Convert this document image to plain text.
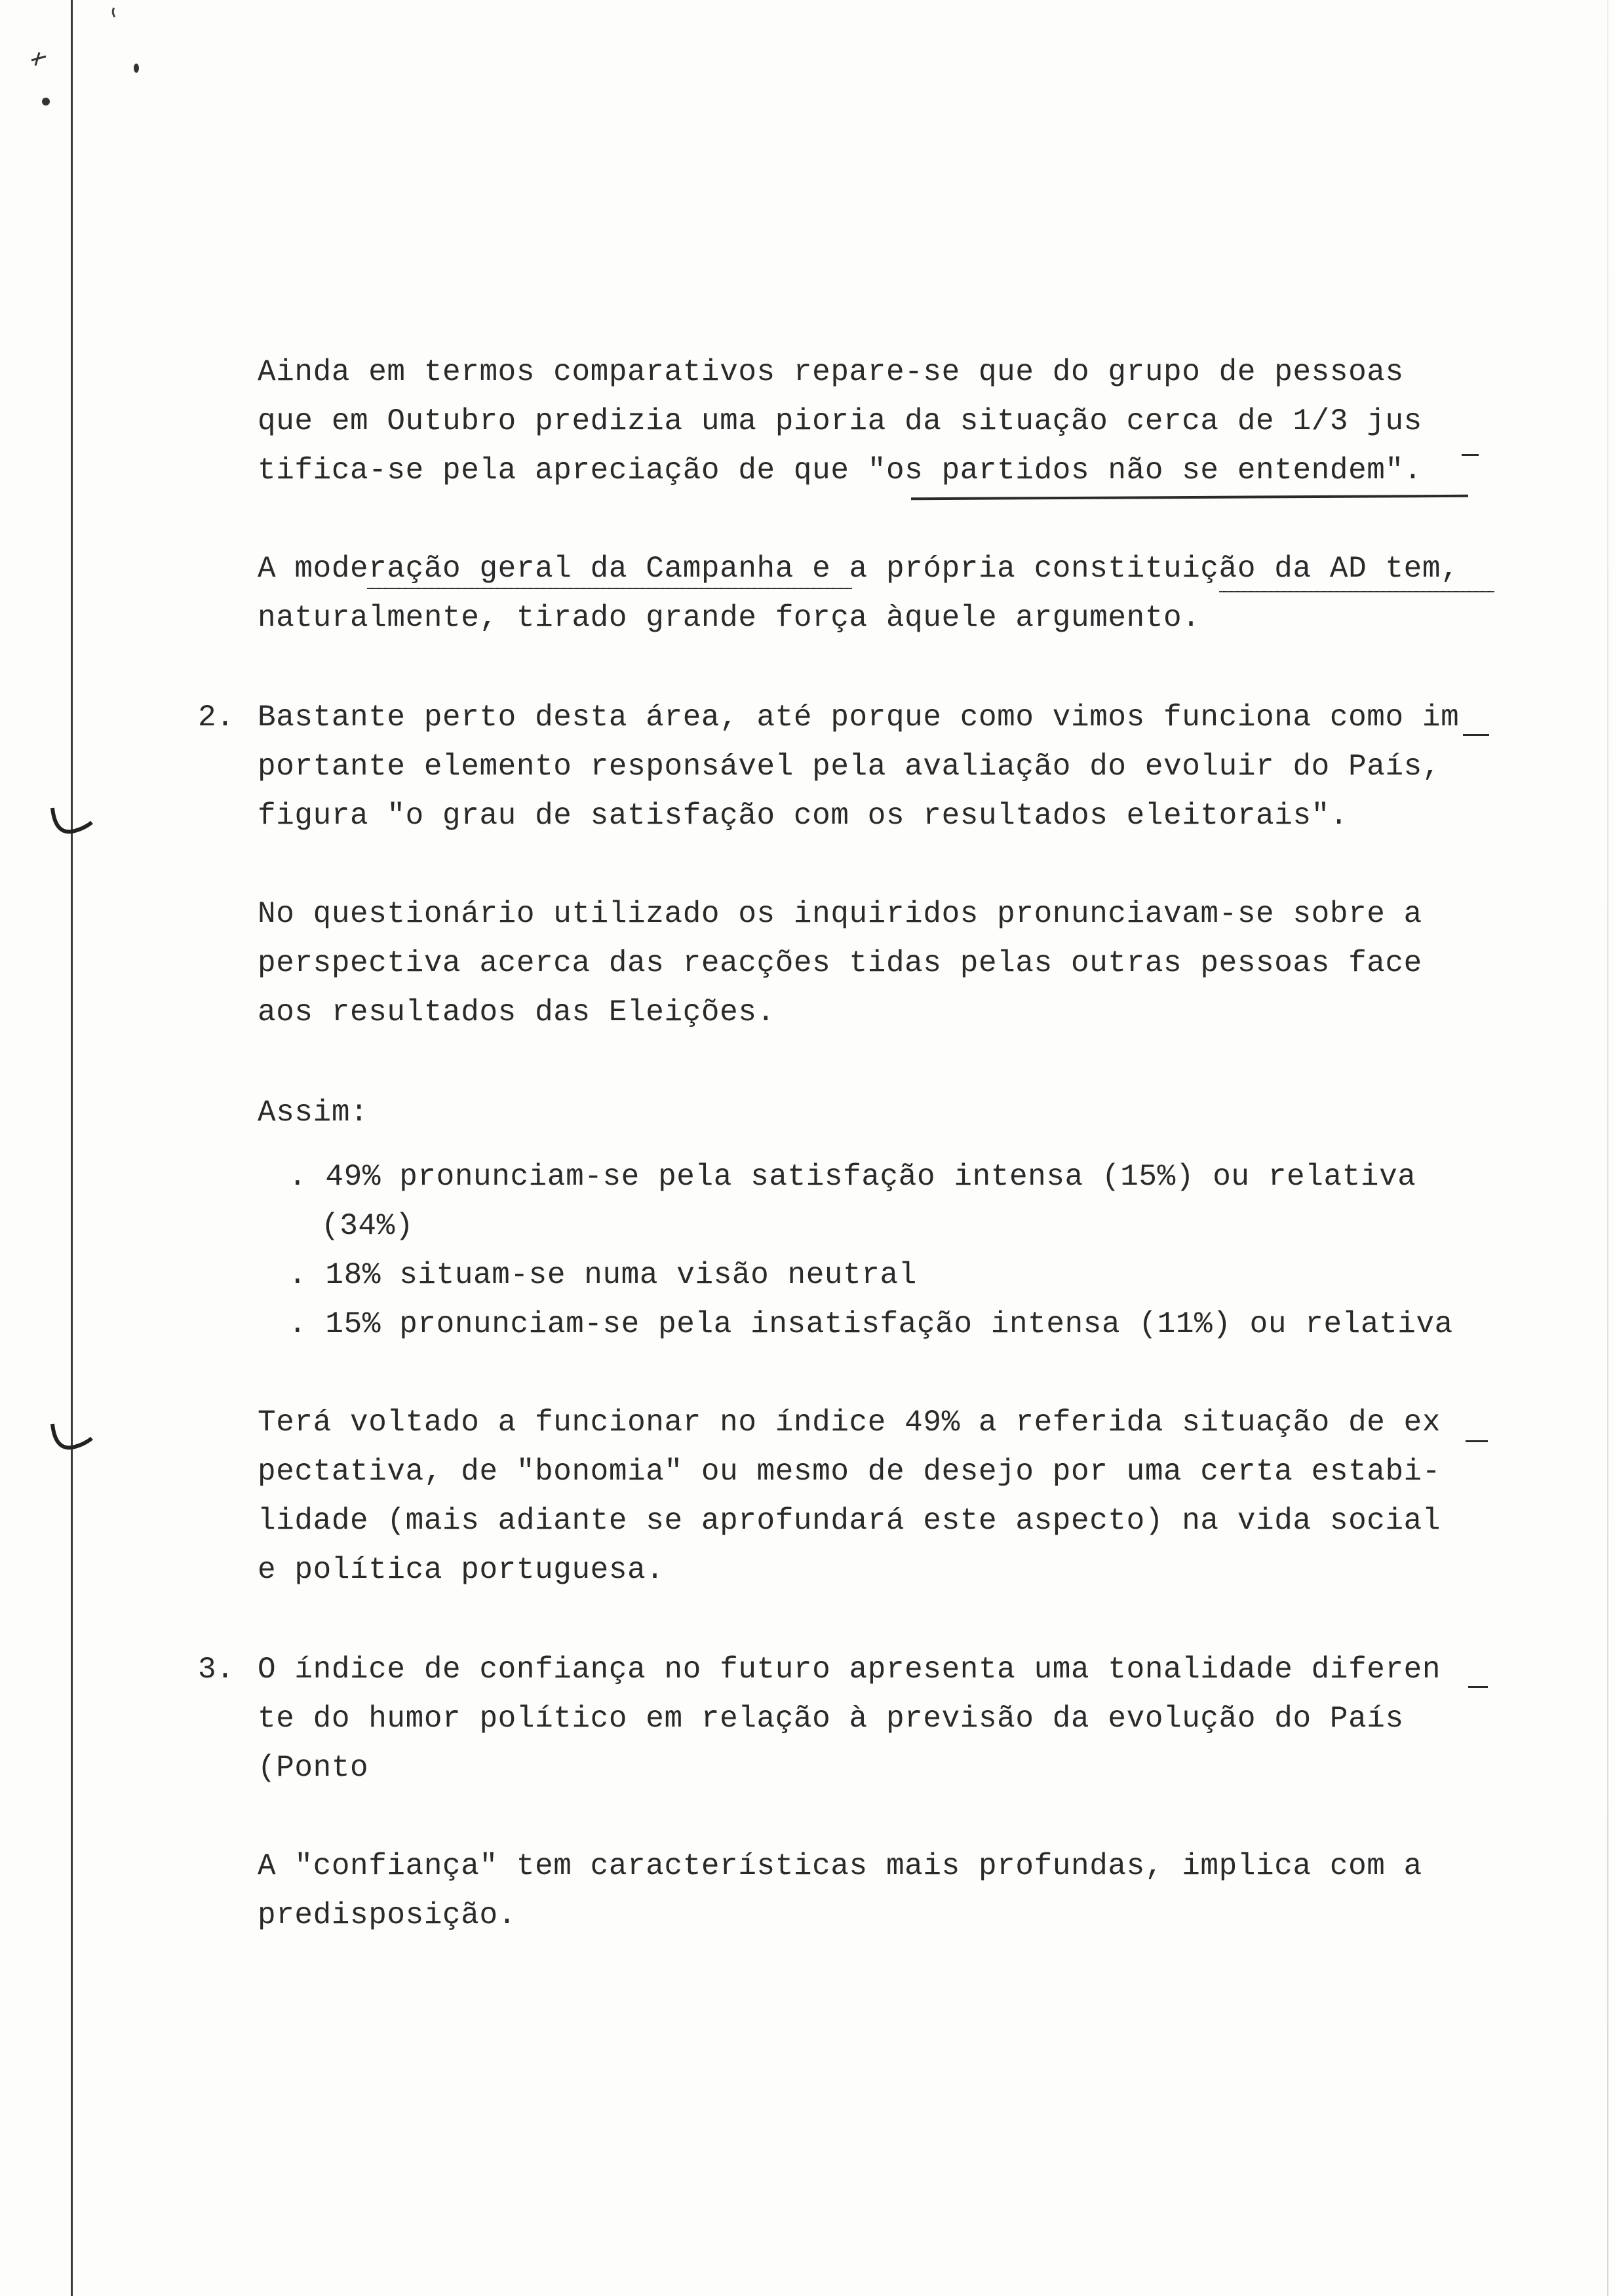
Ainda em termos comparativos repare-se que do grupo de pessoas
que em Outubro predizia uma pioria da situação cerca de 1/3 jus
tifica-se pela apreciação de que "os partidos não se entendem".
A moderação geral da Campanha e a própria constituição da AD tem,
naturalmente, tirado grande força àquele argumento.
2. Bastante perto desta área, até porque como vimos funciona como im
portante elemento responsável pela avaliação do evoluir do País,
figura "o grau de satisfação com os resultados eleitorais".
No questionário utilizado os inquiridos pronunciavam-se sobre a
perspectiva acerca das reacções tidas pelas outras pessoas face
aos resultados das Eleições.
Assim:
. 49% pronunciam-se pela satisfação intensa (15%) ou relativa
(34%)
. 18% situam-se numa visão neutral
. 15% pronunciam-se pela insatisfação intensa (11%) ou relativa
Terá voltado a funcionar no índice 49% a referida situação de ex
pectativa, de "bonomia" ou mesmo de desejo por uma certa estabi-
lidade (mais adiante se aprofundará este aspecto) na vida social
e política portuguesa.
3. O índice de confiança no futuro apresenta uma tonalidade diferen
te do humor político em relação à previsão da evolução do País
(Ponto
A "confiança" tem características mais profundas, implica com a
predisposição.
